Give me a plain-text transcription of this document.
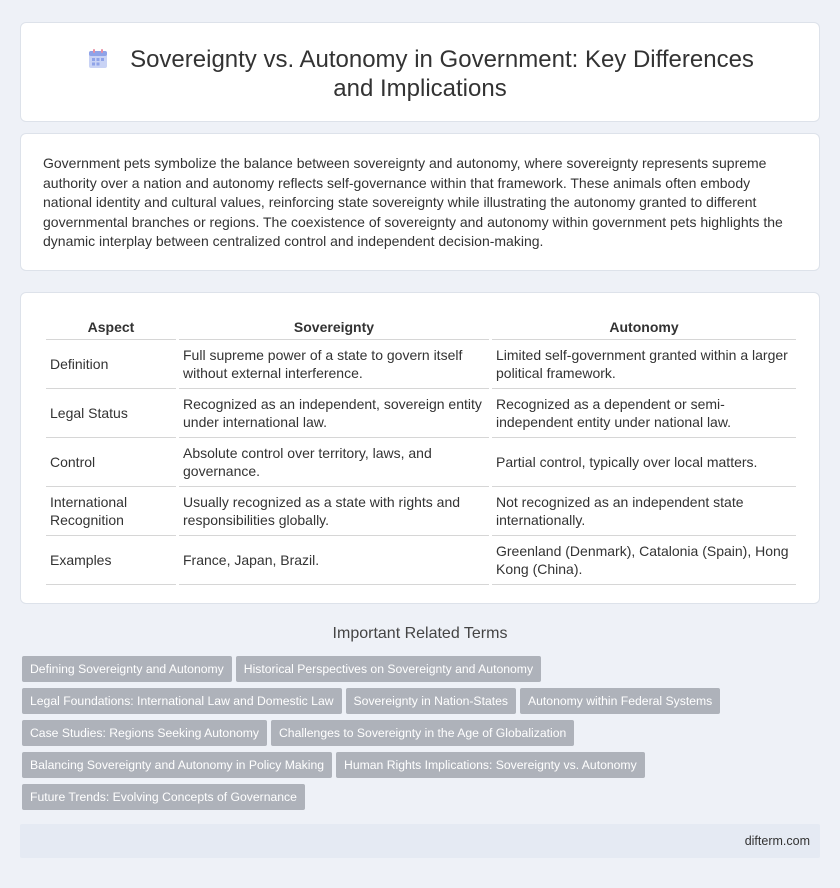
Sovereignty vs. Autonomy in Government: Key Differences and Implications

Government pets symbolize the balance between sovereignty and autonomy, where sovereignty represents supreme authority over a nation and autonomy reflects self-governance within that framework. These animals often embody national identity and cultural values, reinforcing state sovereignty while illustrating the autonomy granted to different governmental branches or regions. The coexistence of sovereignty and autonomy within government pets highlights the dynamic interplay between centralized control and independent decision-making.

Aspect	Sovereignty	Autonomy
Definition	Full supreme power of a state to govern itself without external interference.	Limited self-government granted within a larger political framework.
Legal Status	Recognized as an independent, sovereign entity under international law.	Recognized as a dependent or semi-independent entity under national law.
Control	Absolute control over territory, laws, and governance.	Partial control, typically over local matters.
International Recognition	Usually recognized as a state with rights and responsibilities globally.	Not recognized as an independent state internationally.
Examples	France, Japan, Brazil.	Greenland (Denmark), Catalonia (Spain), Hong Kong (China).
Important Related Terms
Defining Sovereignty and Autonomy Historical Perspectives on Sovereignty and Autonomy
Legal Foundations: International Law and Domestic Law Sovereignty in Nation-States Autonomy within Federal Systems
Case Studies: Regions Seeking Autonomy Challenges to Sovereignty in the Age of Globalization
Balancing Sovereignty and Autonomy in Policy Making Human Rights Implications: Sovereignty vs. Autonomy
Future Trends: Evolving Concepts of Governance
difterm.com
